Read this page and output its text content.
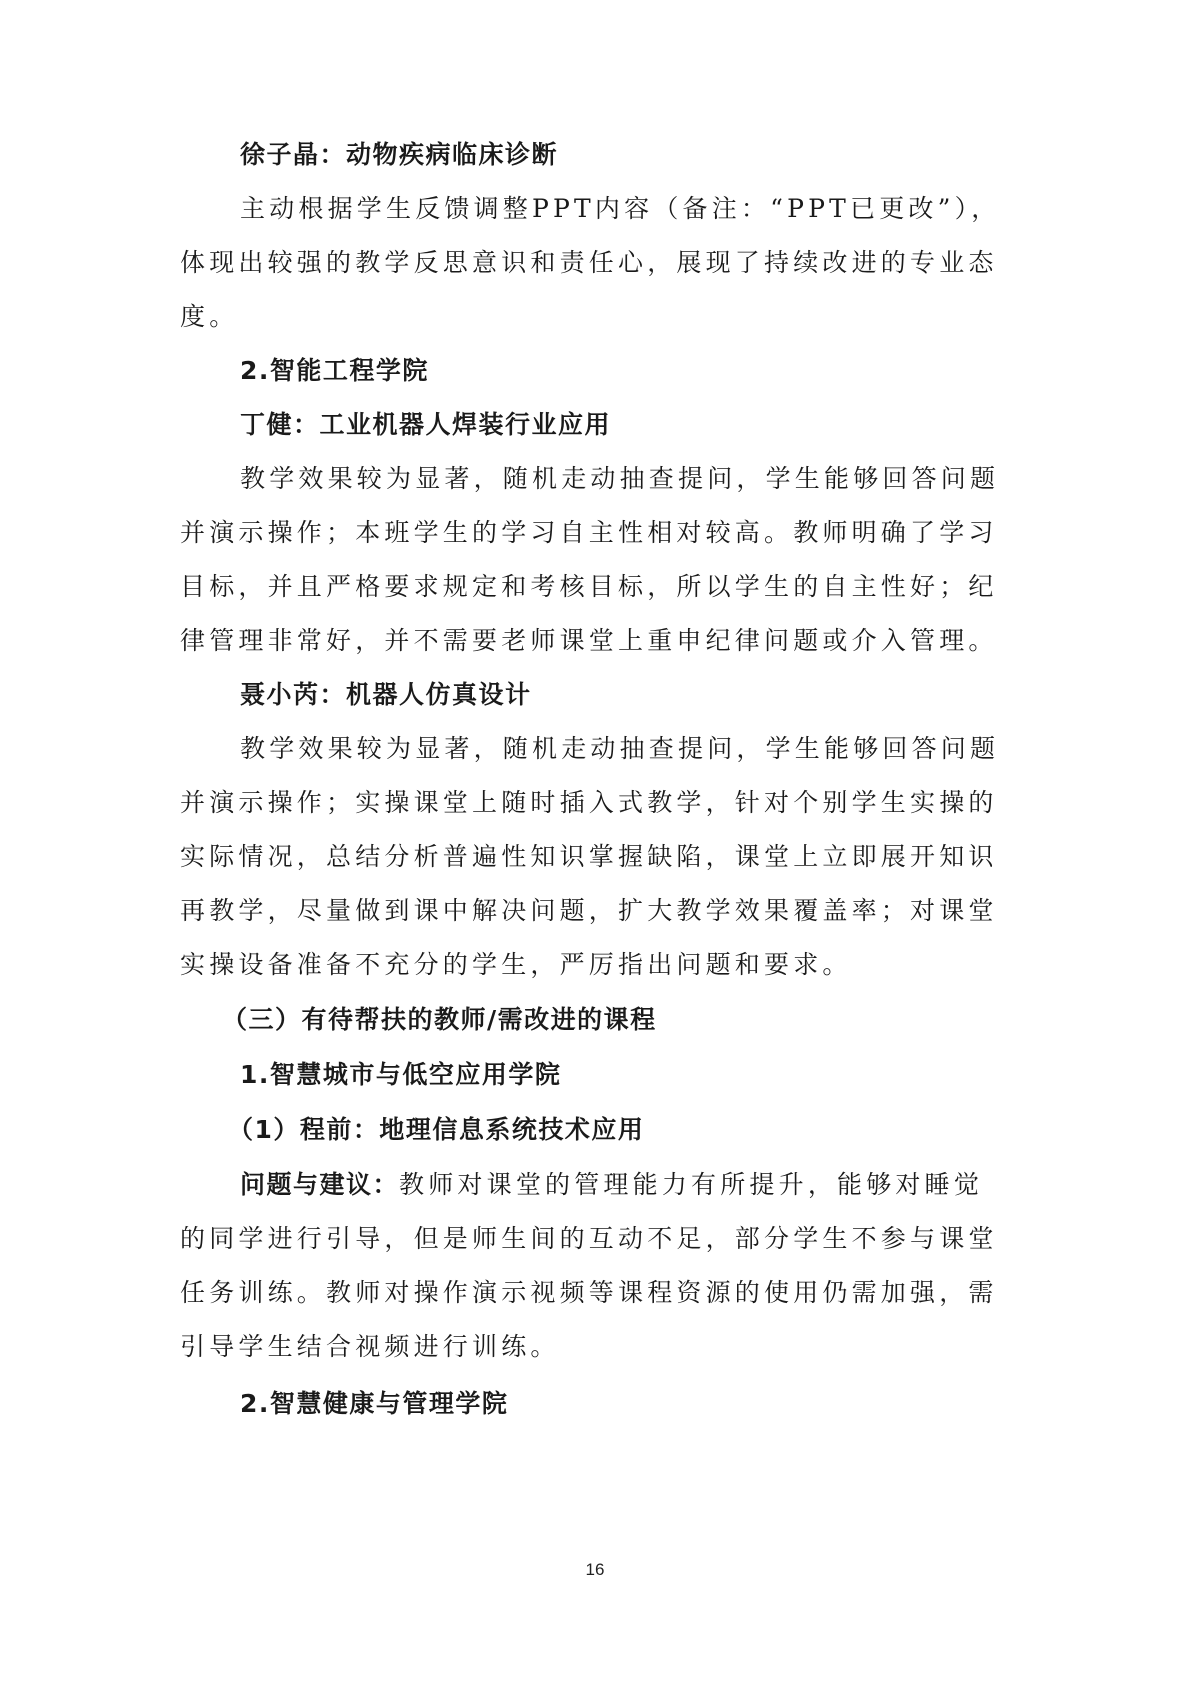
徐子晶：动物疾病临床诊断
主动根据学生反馈调整PPT内容（备注：“PPT已更改”），
体现出较强的教学反思意识和责任心，展现了持续改进的专业态
度。
2.智能工程学院
丁健：工业机器人焊装行业应用
教学效果较为显著，随机走动抽查提问，学生能够回答问题
并演示操作；本班学生的学习自主性相对较高。教师明确了学习
目标，并且严格要求规定和考核目标，所以学生的自主性好；纪
律管理非常好，并不需要老师课堂上重申纪律问题或介入管理。
聂小芮：机器人仿真设计
教学效果较为显著，随机走动抽查提问，学生能够回答问题
并演示操作；实操课堂上随时插入式教学，针对个别学生实操的
实际情况，总结分析普遍性知识掌握缺陷，课堂上立即展开知识
再教学，尽量做到课中解决问题，扩大教学效果覆盖率；对课堂
实操设备准备不充分的学生，严厉指出问题和要求。
（三）有待帮扶的教师/需改进的课程
1.智慧城市与低空应用学院
（1）程前：地理信息系统技术应用
问题与建议：教师对课堂的管理能力有所提升，能够对睡觉
的同学进行引导，但是师生间的互动不足，部分学生不参与课堂
任务训练。教师对操作演示视频等课程资源的使用仍需加强，需
引导学生结合视频进行训练。
2.智慧健康与管理学院
16
